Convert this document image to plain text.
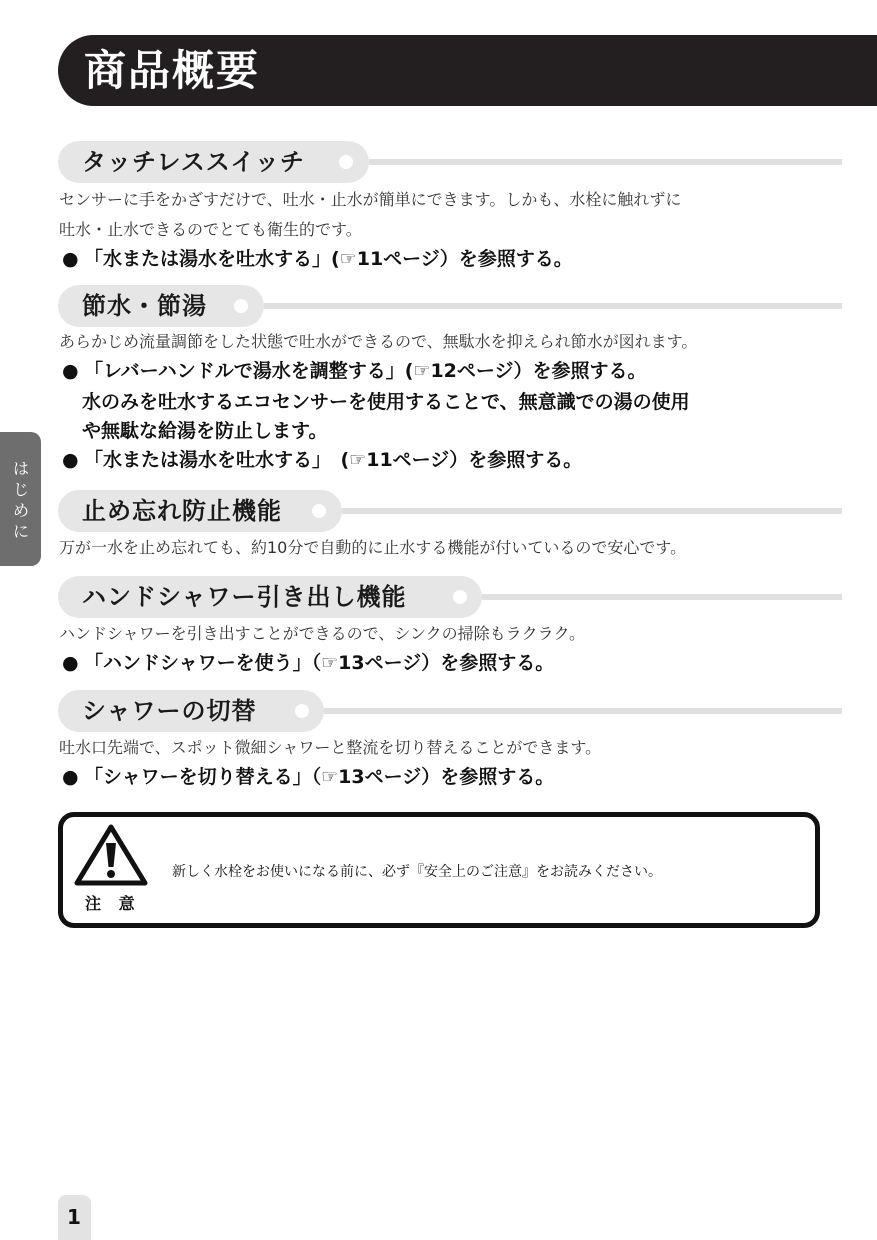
商品概要
はじめに
タッチレススイッチ
センサーに手をかざすだけで、吐水・止水が簡単にできます。しかも、水栓に触れずに
吐水・止水できるのでとても衛生的です。
● 「水または湯水を吐水する」(☞11ページ）を参照する。
節水・節湯
あらかじめ流量調節をした状態で吐水ができるので、無駄水を抑えられ節水が図れます。
● 「レバーハンドルで湯水を調整する」(☞12ページ）を参照する。
水のみを吐水するエコセンサーを使用することで、無意識での湯の使用
や無駄な給湯を防止します。
● 「水または湯水を吐水する」　(☞11ページ）を参照する。
止め忘れ防止機能
万が一水を止め忘れても、約10分で自動的に止水する機能が付いているので安心です。
ハンドシャワー引き出し機能
ハンドシャワーを引き出すことができるので、シンクの掃除もラクラク。
● 「ハンドシャワーを使う」（☞13ページ）を参照する。
シャワーの切替
吐水口先端で、スポット微細シャワーと整流を切り替えることができます。
● 「シャワーを切り替える」（☞13ページ）を参照する。
注 意
新しく水栓をお使いになる前に、必ず『安全上のご注意』をお読みください。
1
